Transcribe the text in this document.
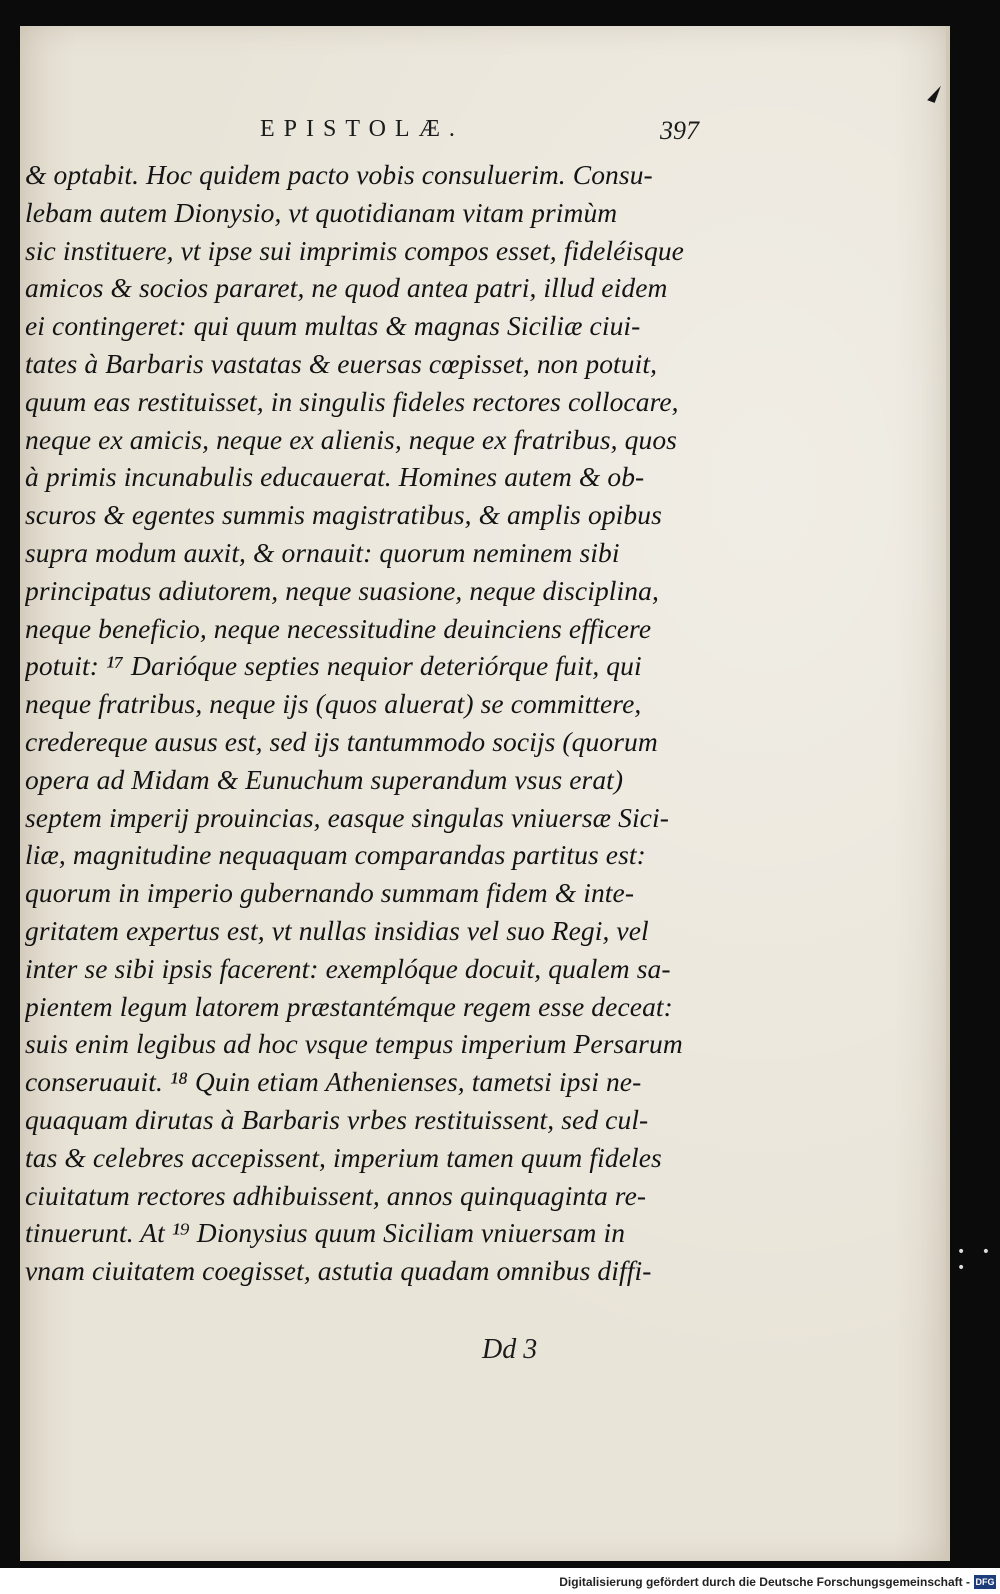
EPISTOLÆ.	397
& optabit. Hoc quidem pacto vobis consuluerim. Consu-
lebam autem Dionysio, vt quotidianam vitam primùm
sic instituere, vt ipse sui imprimis compos esset, fideléisque
amicos & socios pararet, ne quod antea patri, illud eidem
ei contingeret: qui quum multas & magnas Siciliæ ciui-
tates à Barbaris vastatas & euersas cœpisset, non potuit,
quum eas restituisset, in singulis fideles rectores collocare,
neque ex amicis, neque ex alienis, neque ex fratribus, quos
à primis incunabulis educauerat. Homines autem & ob-
scuros & egentes summis magistratibus, & amplis opibus
supra modum auxit, & ornauit: quorum neminem sibi
principatus adiutorem, neque suasione, neque disciplina,
neque beneficio, neque necessitudine deuinciens efficere
potuit: ¹⁷ Darióque septies nequior deteriórque fuit, qui
neque fratribus, neque ijs (quos aluerat) se committere,
credereque ausus est, sed ijs tantummodo socijs (quorum
opera ad Midam & Eunuchum superandum vsus erat)
septem imperij prouincias, easque singulas vniuersæ Sici-
liæ, magnitudine nequaquam comparandas partitus est:
quorum in imperio gubernando summam fidem & inte-
gritatem expertus est, vt nullas insidias vel suo Regi, vel
inter se sibi ipsis facerent: exemplóque docuit, qualem sa-
pientem legum latorem præstantémque regem esse deceat:
suis enim legibus ad hoc vsque tempus imperium Persarum
conseruauit. ¹⁸ Quin etiam Athenienses, tametsi ipsi ne-
quaquam dirutas à Barbaris vrbes restituissent, sed cul-
tas & celebres accepissent, imperium tamen quum fideles
ciuitatum rectores adhibuissent, annos quinquaginta re-
tinuerunt. At ¹⁹ Dionysius quum Siciliam vniuersam in
vnam ciuitatem coegisset, astutia quadam omnibus diffi-
Dd 3
• • •
Digitalisierung gefördert durch die Deutsche Forschungsgemeinschaft - DFG
